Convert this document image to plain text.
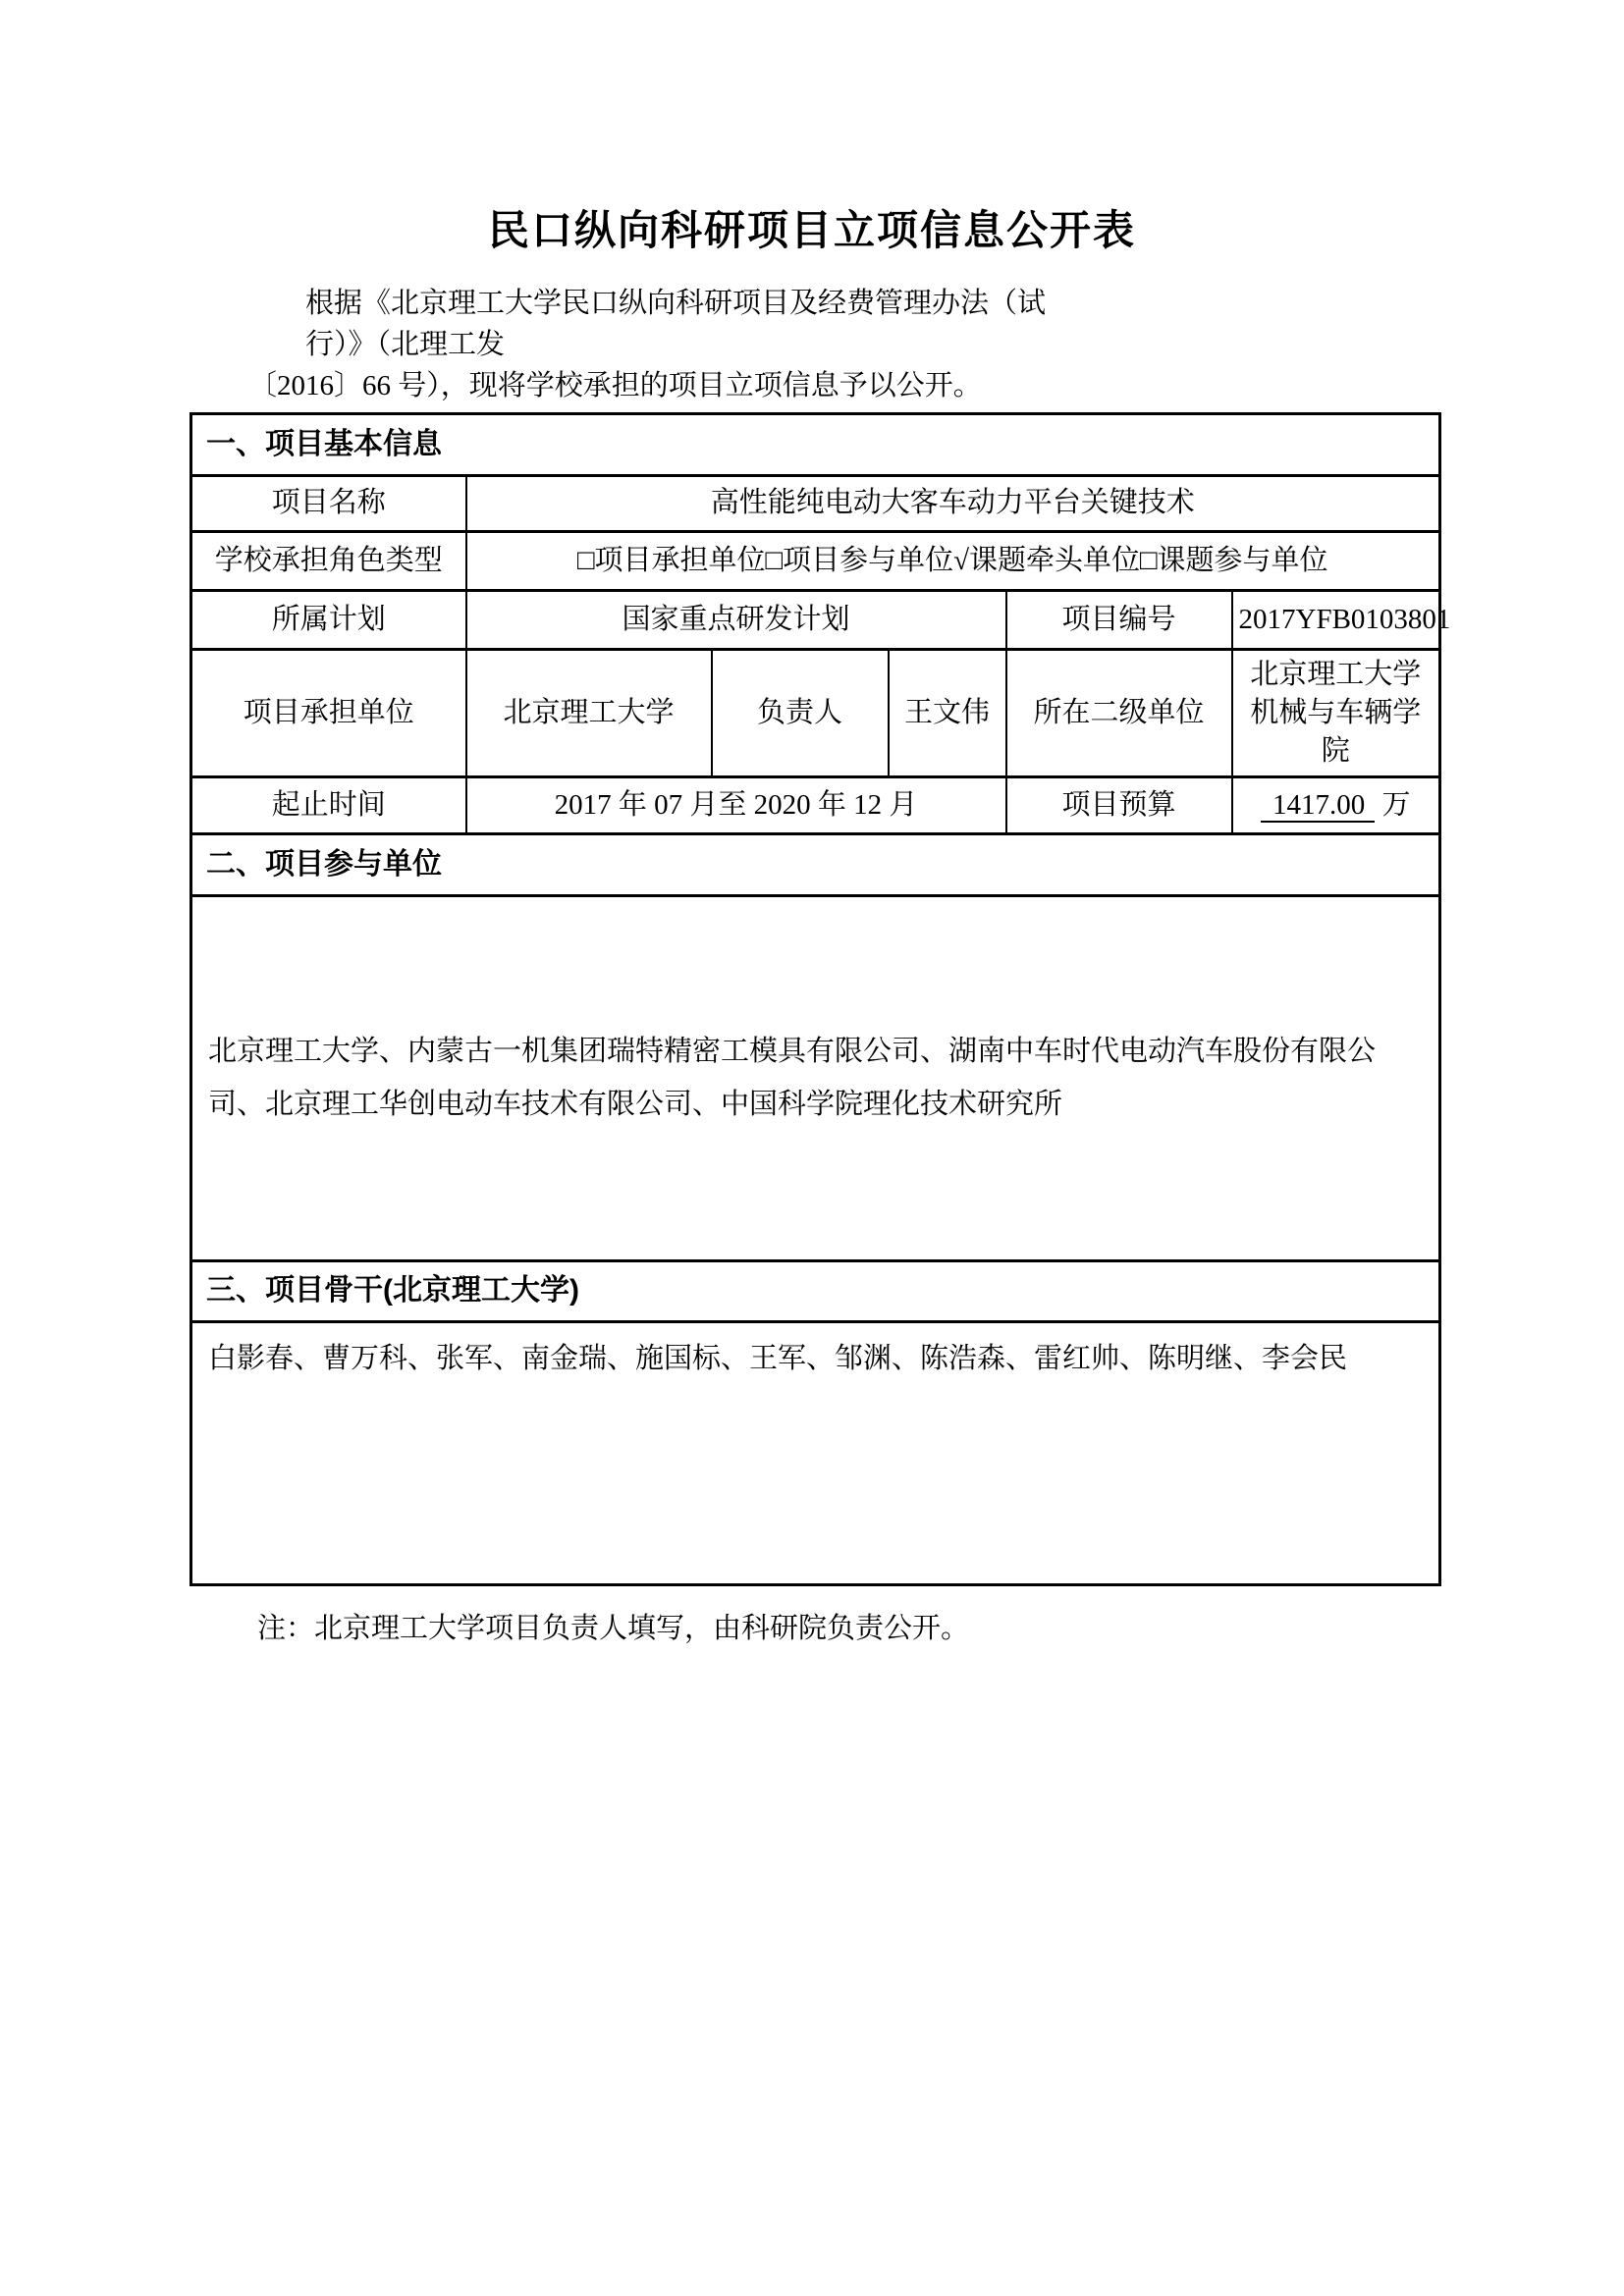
民口纵向科研项目立项信息公开表
根据《北京理工大学民口纵向科研项目及经费管理办法（试行）》（北理工发
〔2016〕66 号），现将学校承担的项目立项信息予以公开。
一、项目基本信息					
项目名称	高性能纯电动大客车动力平台关键技术				
学校承担角色类型	□项目承担单位□项目参与单位√课题牵头单位□课题参与单位				
所属计划	国家重点研发计划			项目编号	2017YFB0103801
项目承担单位	北京理工大学	负责人	王文伟	所在二级单位	北京理工大学机械与车辆学院
起止时间	2017 年 07 月至 2020 年 12 月			项目预算	1417.00 万
二、项目参与单位					
北京理工大学、内蒙古一机集团瑞特精密工模具有限公司、湖南中车时代电动汽车股份有限公司、北京理工华创电动车技术有限公司、中国科学院理化技术研究所					
三、项目骨干(北京理工大学)					
白影春、曹万科、张军、南金瑞、施国标、王军、邹渊、陈浩森、雷红帅、陈明继、李会民					
注：北京理工大学项目负责人填写，由科研院负责公开。
